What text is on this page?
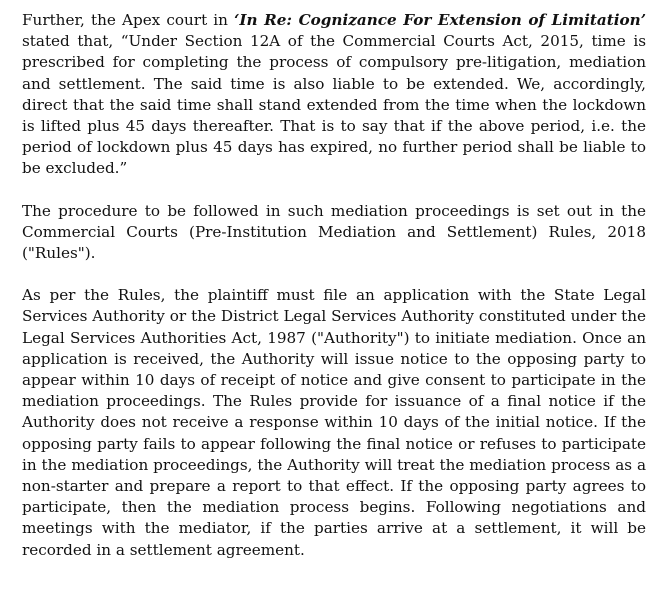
Further, the Apex court in ‘In Re: Cognizance For Extension of Limitation’ stated that, “Under Section 12A of the Commercial Courts Act, 2015, time is prescribed for completing the process of compulsory pre-litigation, mediation and settlement. The said time is also liable to be extended. We, accordingly, direct that the said time shall stand extended from the time when the lockdown is lifted plus 45 days thereafter. That is to say that if the above period, i.e. the period of lockdown plus 45 days has expired, no further period shall be liable to be excluded.”

The procedure to be followed in such mediation proceedings is set out in the Commercial Courts (Pre-Institution Mediation and Settlement) Rules, 2018 ("Rules").

As per the Rules, the plaintiff must file an application with the State Legal Services Authority or the District Legal Services Authority constituted under the Legal Services Authorities Act, 1987 ("Authority") to initiate mediation. Once an application is received, the Authority will issue notice to the opposing party to appear within 10 days of receipt of notice and give consent to participate in the mediation proceedings. The Rules provide for issuance of a final notice if the Authority does not receive a response within 10 days of the initial notice. If the opposing party fails to appear following the final notice or refuses to participate in the mediation proceedings, the Authority will treat the mediation process as a non-starter and prepare a report to that effect. If the opposing party agrees to participate, then the mediation process begins. Following negotiations and meetings with the mediator, if the parties arrive at a settlement, it will be recorded in a settlement agreement.
